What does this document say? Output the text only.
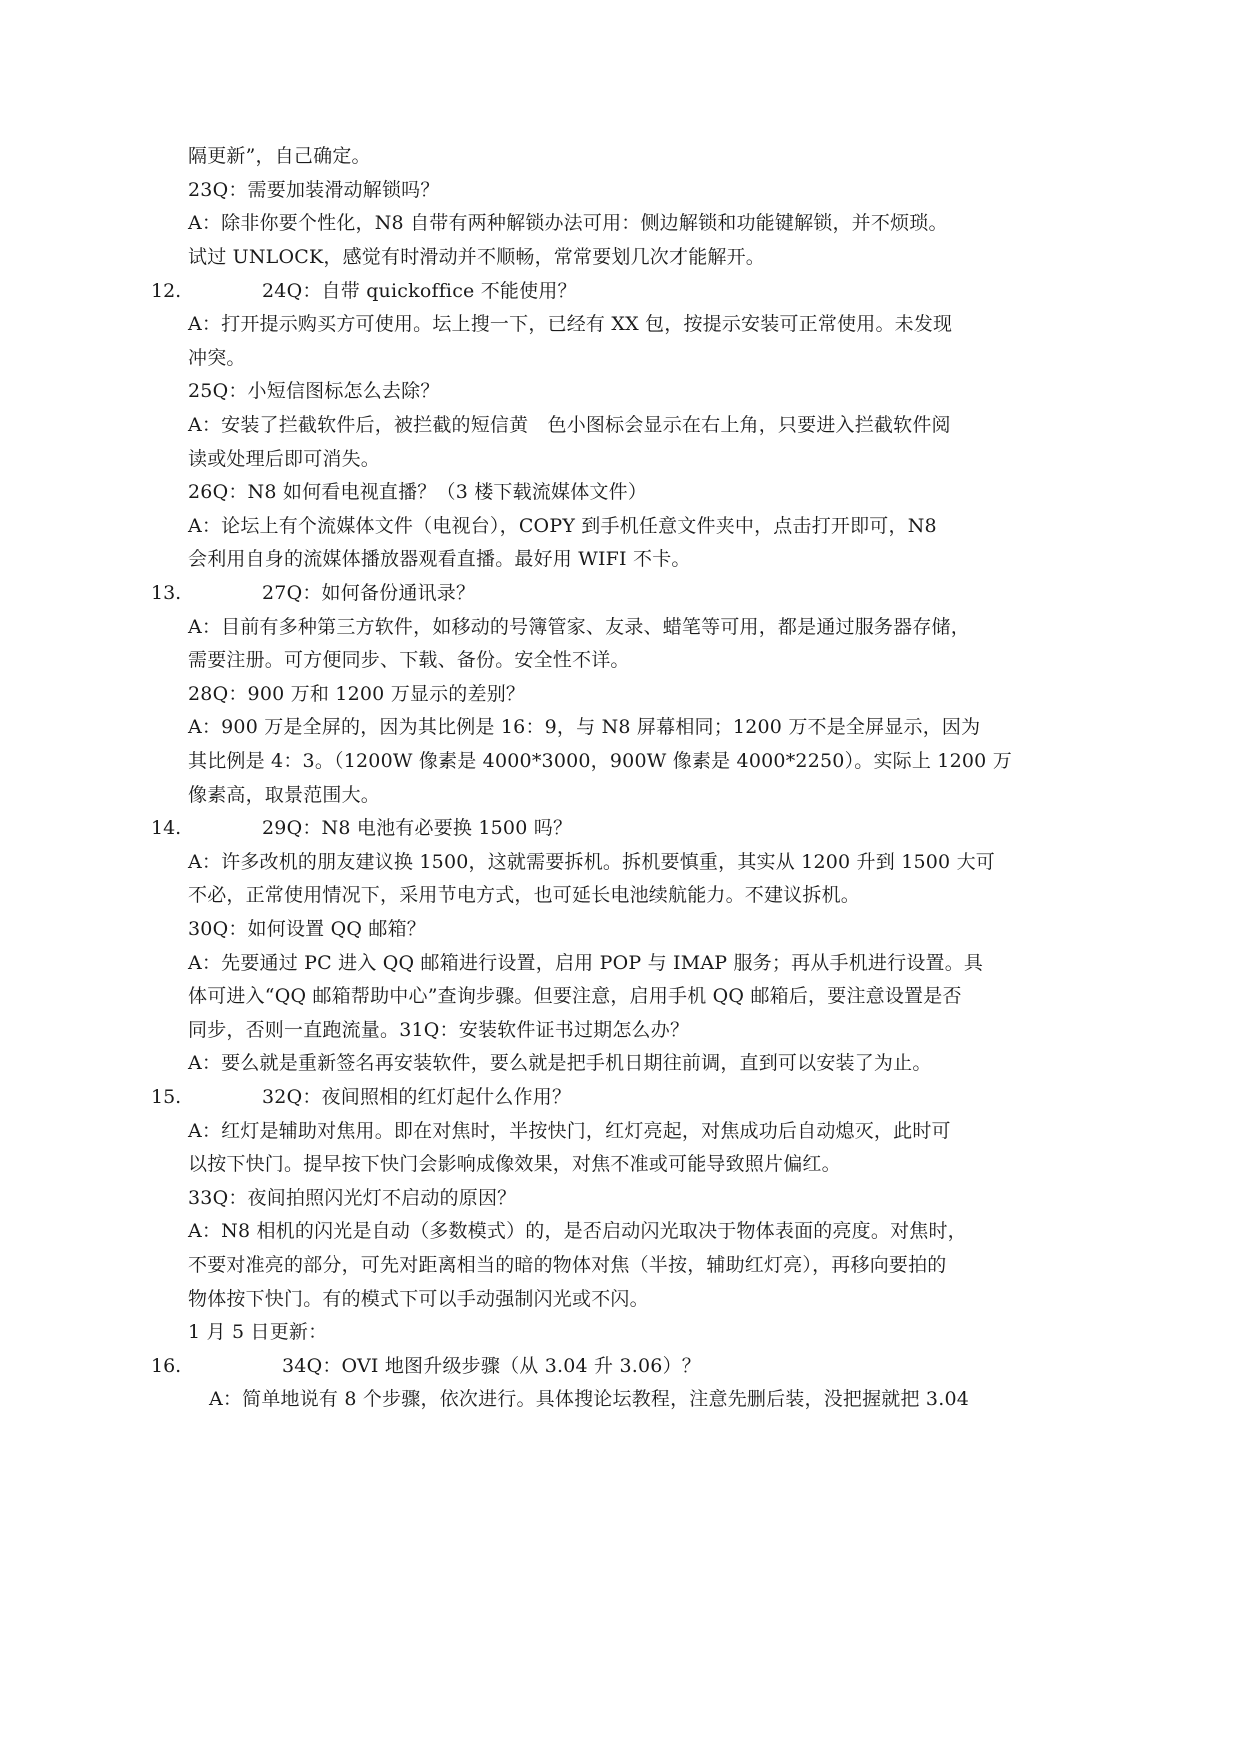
隔更新”，自己确定。
23Q：需要加装滑动解锁吗？
A：除非你要个性化，N8 自带有两种解锁办法可用：侧边解锁和功能键解锁，并不烦琐。
试过 UNLOCK，感觉有时滑动并不顺畅，常常要划几次才能解开。
12.	24Q：自带 quickoffice 不能使用？
A：打开提示购买方可使用。坛上搜一下，已经有 XX 包，按提示安装可正常使用。未发现
冲突。
25Q：小短信图标怎么去除？
A：安装了拦截软件后，被拦截的短信黄　色小图标会显示在右上角，只要进入拦截软件阅
读或处理后即可消失。
26Q：N8 如何看电视直播？（3 楼下载流媒体文件）
A：论坛上有个流媒体文件（电视台），COPY 到手机任意文件夹中，点击打开即可，N8
会利用自身的流媒体播放器观看直播。最好用 WIFI 不卡。
13.	27Q：如何备份通讯录？
A：目前有多种第三方软件，如移动的号簿管家、友录、蜡笔等可用，都是通过服务器存储，
需要注册。可方便同步、下载、备份。安全性不详。
28Q：900 万和 1200 万显示的差别？
A：900 万是全屏的，因为其比例是 16：9，与 N8 屏幕相同；1200 万不是全屏显示，因为
其比例是 4：3。（1200W 像素是 4000*3000，900W 像素是 4000*2250）。实际上 1200 万
像素高，取景范围大。
14.	29Q：N8 电池有必要换 1500 吗？
A：许多改机的朋友建议换 1500，这就需要拆机。拆机要慎重，其实从 1200 升到 1500 大可
不必，正常使用情况下，采用节电方式，也可延长电池续航能力。不建议拆机。
30Q：如何设置 QQ 邮箱？
A：先要通过 PC 进入 QQ 邮箱进行设置，启用 POP 与 IMAP 服务；再从手机进行设置。具
体可进入“QQ 邮箱帮助中心”查询步骤。但要注意，启用手机 QQ 邮箱后，要注意设置是否
同步，否则一直跑流量。31Q：安装软件证书过期怎么办？
A：要么就是重新签名再安装软件，要么就是把手机日期往前调，直到可以安装了为止。
15.	32Q：夜间照相的红灯起什么作用？
A：红灯是辅助对焦用。即在对焦时，半按快门，红灯亮起，对焦成功后自动熄灭，此时可
以按下快门。提早按下快门会影响成像效果，对焦不准或可能导致照片偏红。
33Q：夜间拍照闪光灯不启动的原因？
A：N8 相机的闪光是自动（多数模式）的，是否启动闪光取决于物体表面的亮度。对焦时，
不要对准亮的部分，可先对距离相当的暗的物体对焦（半按，辅助红灯亮），再移向要拍的
物体按下快门。有的模式下可以手动强制闪光或不闪。
1 月 5 日更新：
16.	34Q：OVI 地图升级步骤（从 3.04 升 3.06）？
A：简单地说有 8 个步骤，依次进行。具体搜论坛教程，注意先删后装，没把握就把 3.04
